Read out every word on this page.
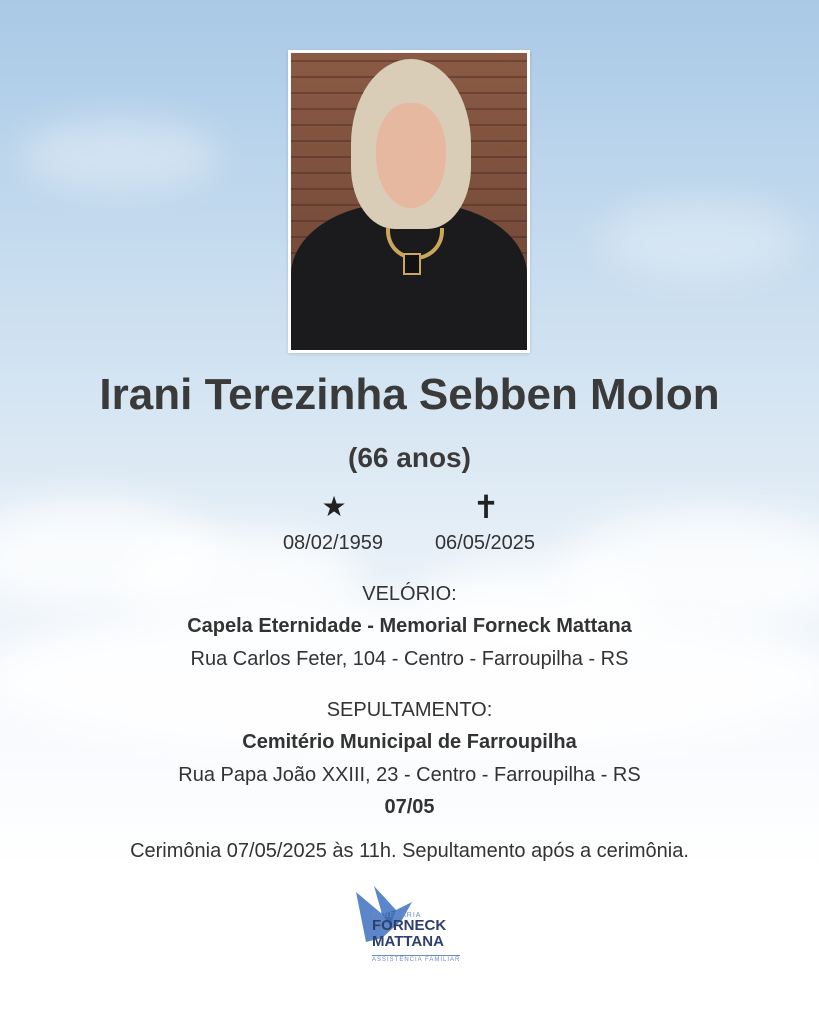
Irani Terezinha Sebben Molon
(66 anos)
★	✝
08/02/1959	06/05/2025
VELÓRIO:
Capela Eternidade - Memorial Forneck Mattana
Rua Carlos Feter, 104 - Centro - Farroupilha - RS
SEPULTAMENTO:
Cemitério Municipal de Farroupilha
Rua Papa João XXIII, 23 - Centro - Farroupilha - RS
07/05
Cerimônia 07/05/2025 às 11h. Sepultamento após a cerimônia.
FUNERÁRIA
FORNECK
MATTANA
ASSISTÊNCIA FAMILIAR
